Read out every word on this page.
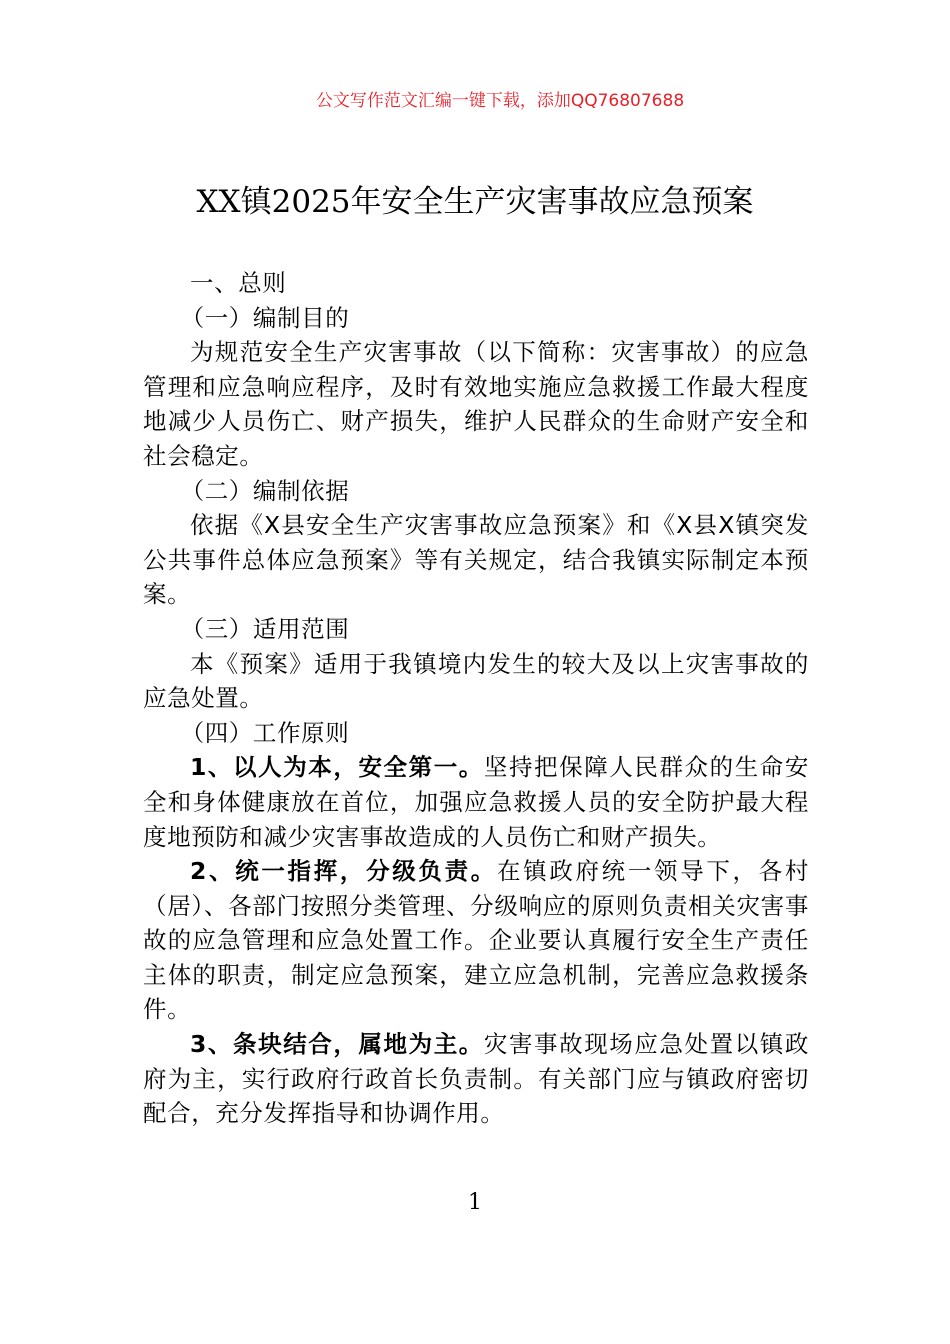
公文写作范文汇编一键下载，添加QQ76807688
XX镇2025年安全生产灾害事故应急预案

一、总则

（一）编制目的

为规范安全生产灾害事故（以下简称：灾害事故）的应急管理和应急响应程序，及时有效地实施应急救援工作最大程度地减少人员伤亡、财产损失，维护人民群众的生命财产安全和社会稳定。

（二）编制依据

依据《X县安全生产灾害事故应急预案》和《X县X镇突发公共事件总体应急预案》等有关规定，结合我镇实际制定本预案。

（三）适用范围

本《预案》适用于我镇境内发生的较大及以上灾害事故的应急处置。

（四）工作原则

1、以人为本，安全第一。坚持把保障人民群众的生命安全和身体健康放在首位，加强应急救援人员的安全防护最大程度地预防和减少灾害事故造成的人员伤亡和财产损失。

2、统一指挥，分级负责。在镇政府统一领导下，各村（居）、各部门按照分类管理、分级响应的原则负责相关灾害事故的应急管理和应急处置工作。企业要认真履行安全生产责任主体的职责，制定应急预案，建立应急机制，完善应急救援条件。

3、条块结合，属地为主。灾害事故现场应急处置以镇政府为主，实行政府行政首长负责制。有关部门应与镇政府密切配合，充分发挥指导和协调作用。

1
